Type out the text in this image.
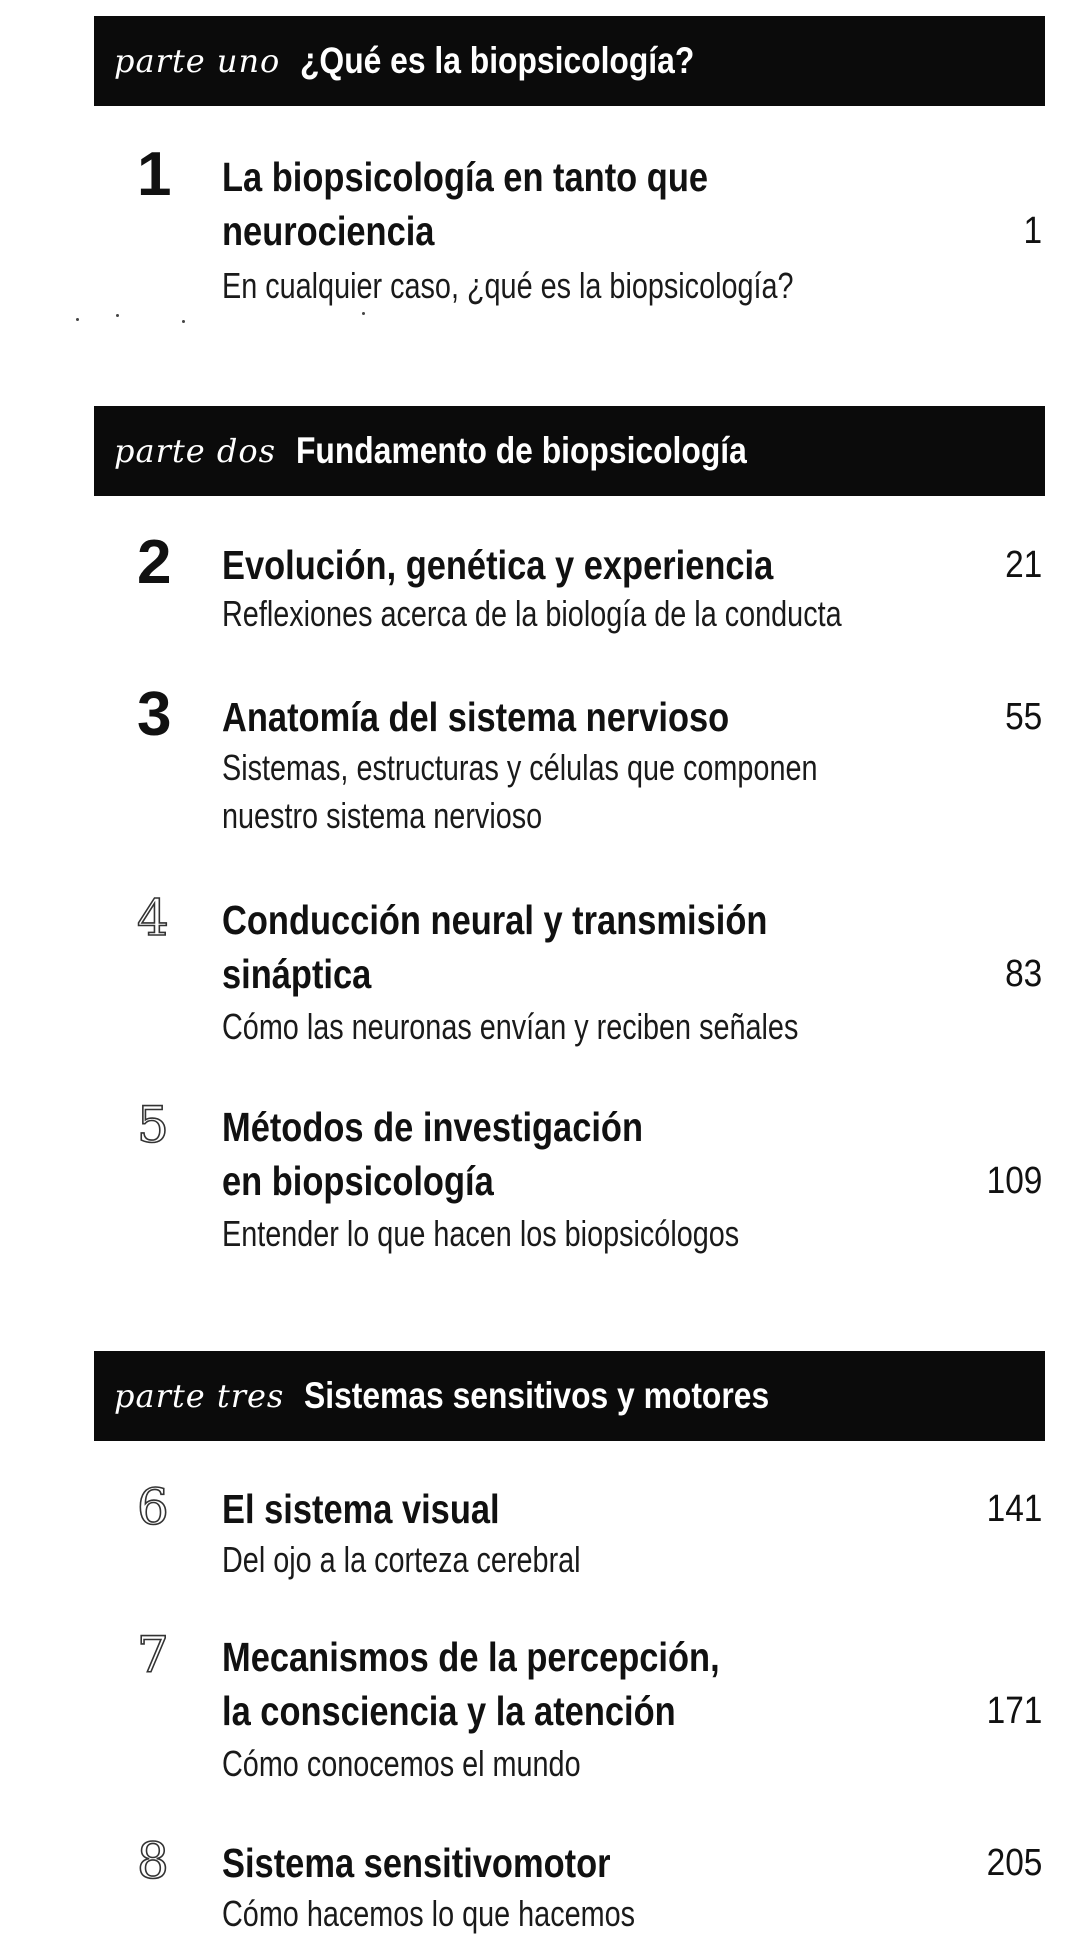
parte uno ¿Qué es la biopsicología?
1 La biopsicología en tanto que
neurociencia	1
En cualquier caso, ¿qué es la biopsicología?
parte dos Fundamento de biopsicología
2 Evolución, genética y experiencia	21
Reflexiones acerca de la biología de la conducta
3 Anatomía del sistema nervioso	55
Sistemas, estructuras y células que componen
nuestro sistema nervioso
4 Conducción neural y transmisión
sináptica	83
Cómo las neuronas envían y reciben señales
5 Métodos de investigación
en biopsicología	109
Entender lo que hacen los biopsicólogos
parte tres Sistemas sensitivos y motores
6 El sistema visual	141
Del ojo a la corteza cerebral
7 Mecanismos de la percepción,
la consciencia y la atención	171
Cómo conocemos el mundo
8 Sistema sensitivomotor	205
Cómo hacemos lo que hacemos
